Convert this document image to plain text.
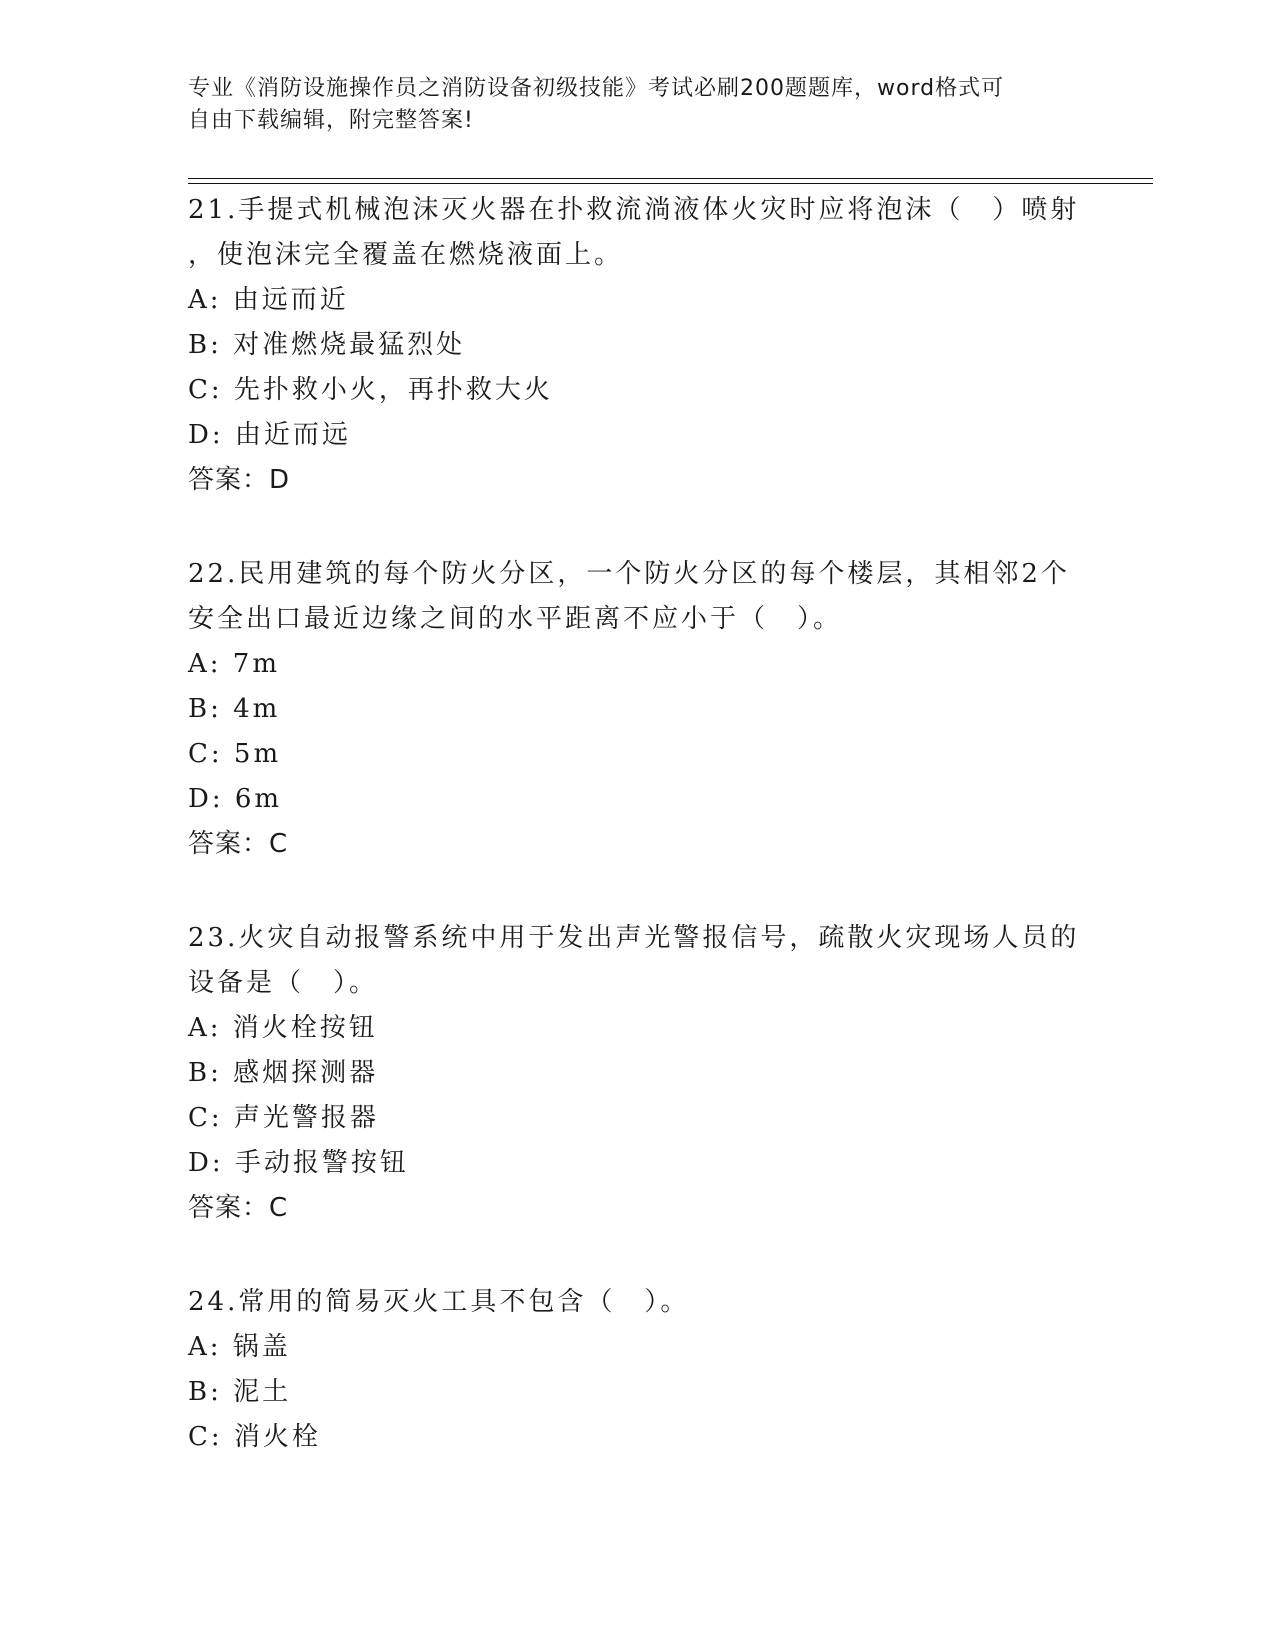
专业《消防设施操作员之消防设备初级技能》考试必刷200题题库，word格式可
自由下载编辑，附完整答案!
21.手提式机械泡沫灭火器在扑救流淌液体火灾时应将泡沫（　）喷射
，使泡沫完全覆盖在燃烧液面上。
A: 由远而近
B: 对准燃烧最猛烈处
C: 先扑救小火，再扑救大火
D: 由近而远
答案：D
22.民用建筑的每个防火分区，一个防火分区的每个楼层，其相邻2个
安全出口最近边缘之间的水平距离不应小于（　）。
A: 7m
B: 4m
C: 5m
D: 6m
答案：C
23.火灾自动报警系统中用于发出声光警报信号，疏散火灾现场人员的
设备是（　）。
A: 消火栓按钮
B: 感烟探测器
C: 声光警报器
D: 手动报警按钮
答案：C
24.常用的简易灭火工具不包含（　）。
A: 锅盖
B: 泥土
C: 消火栓
